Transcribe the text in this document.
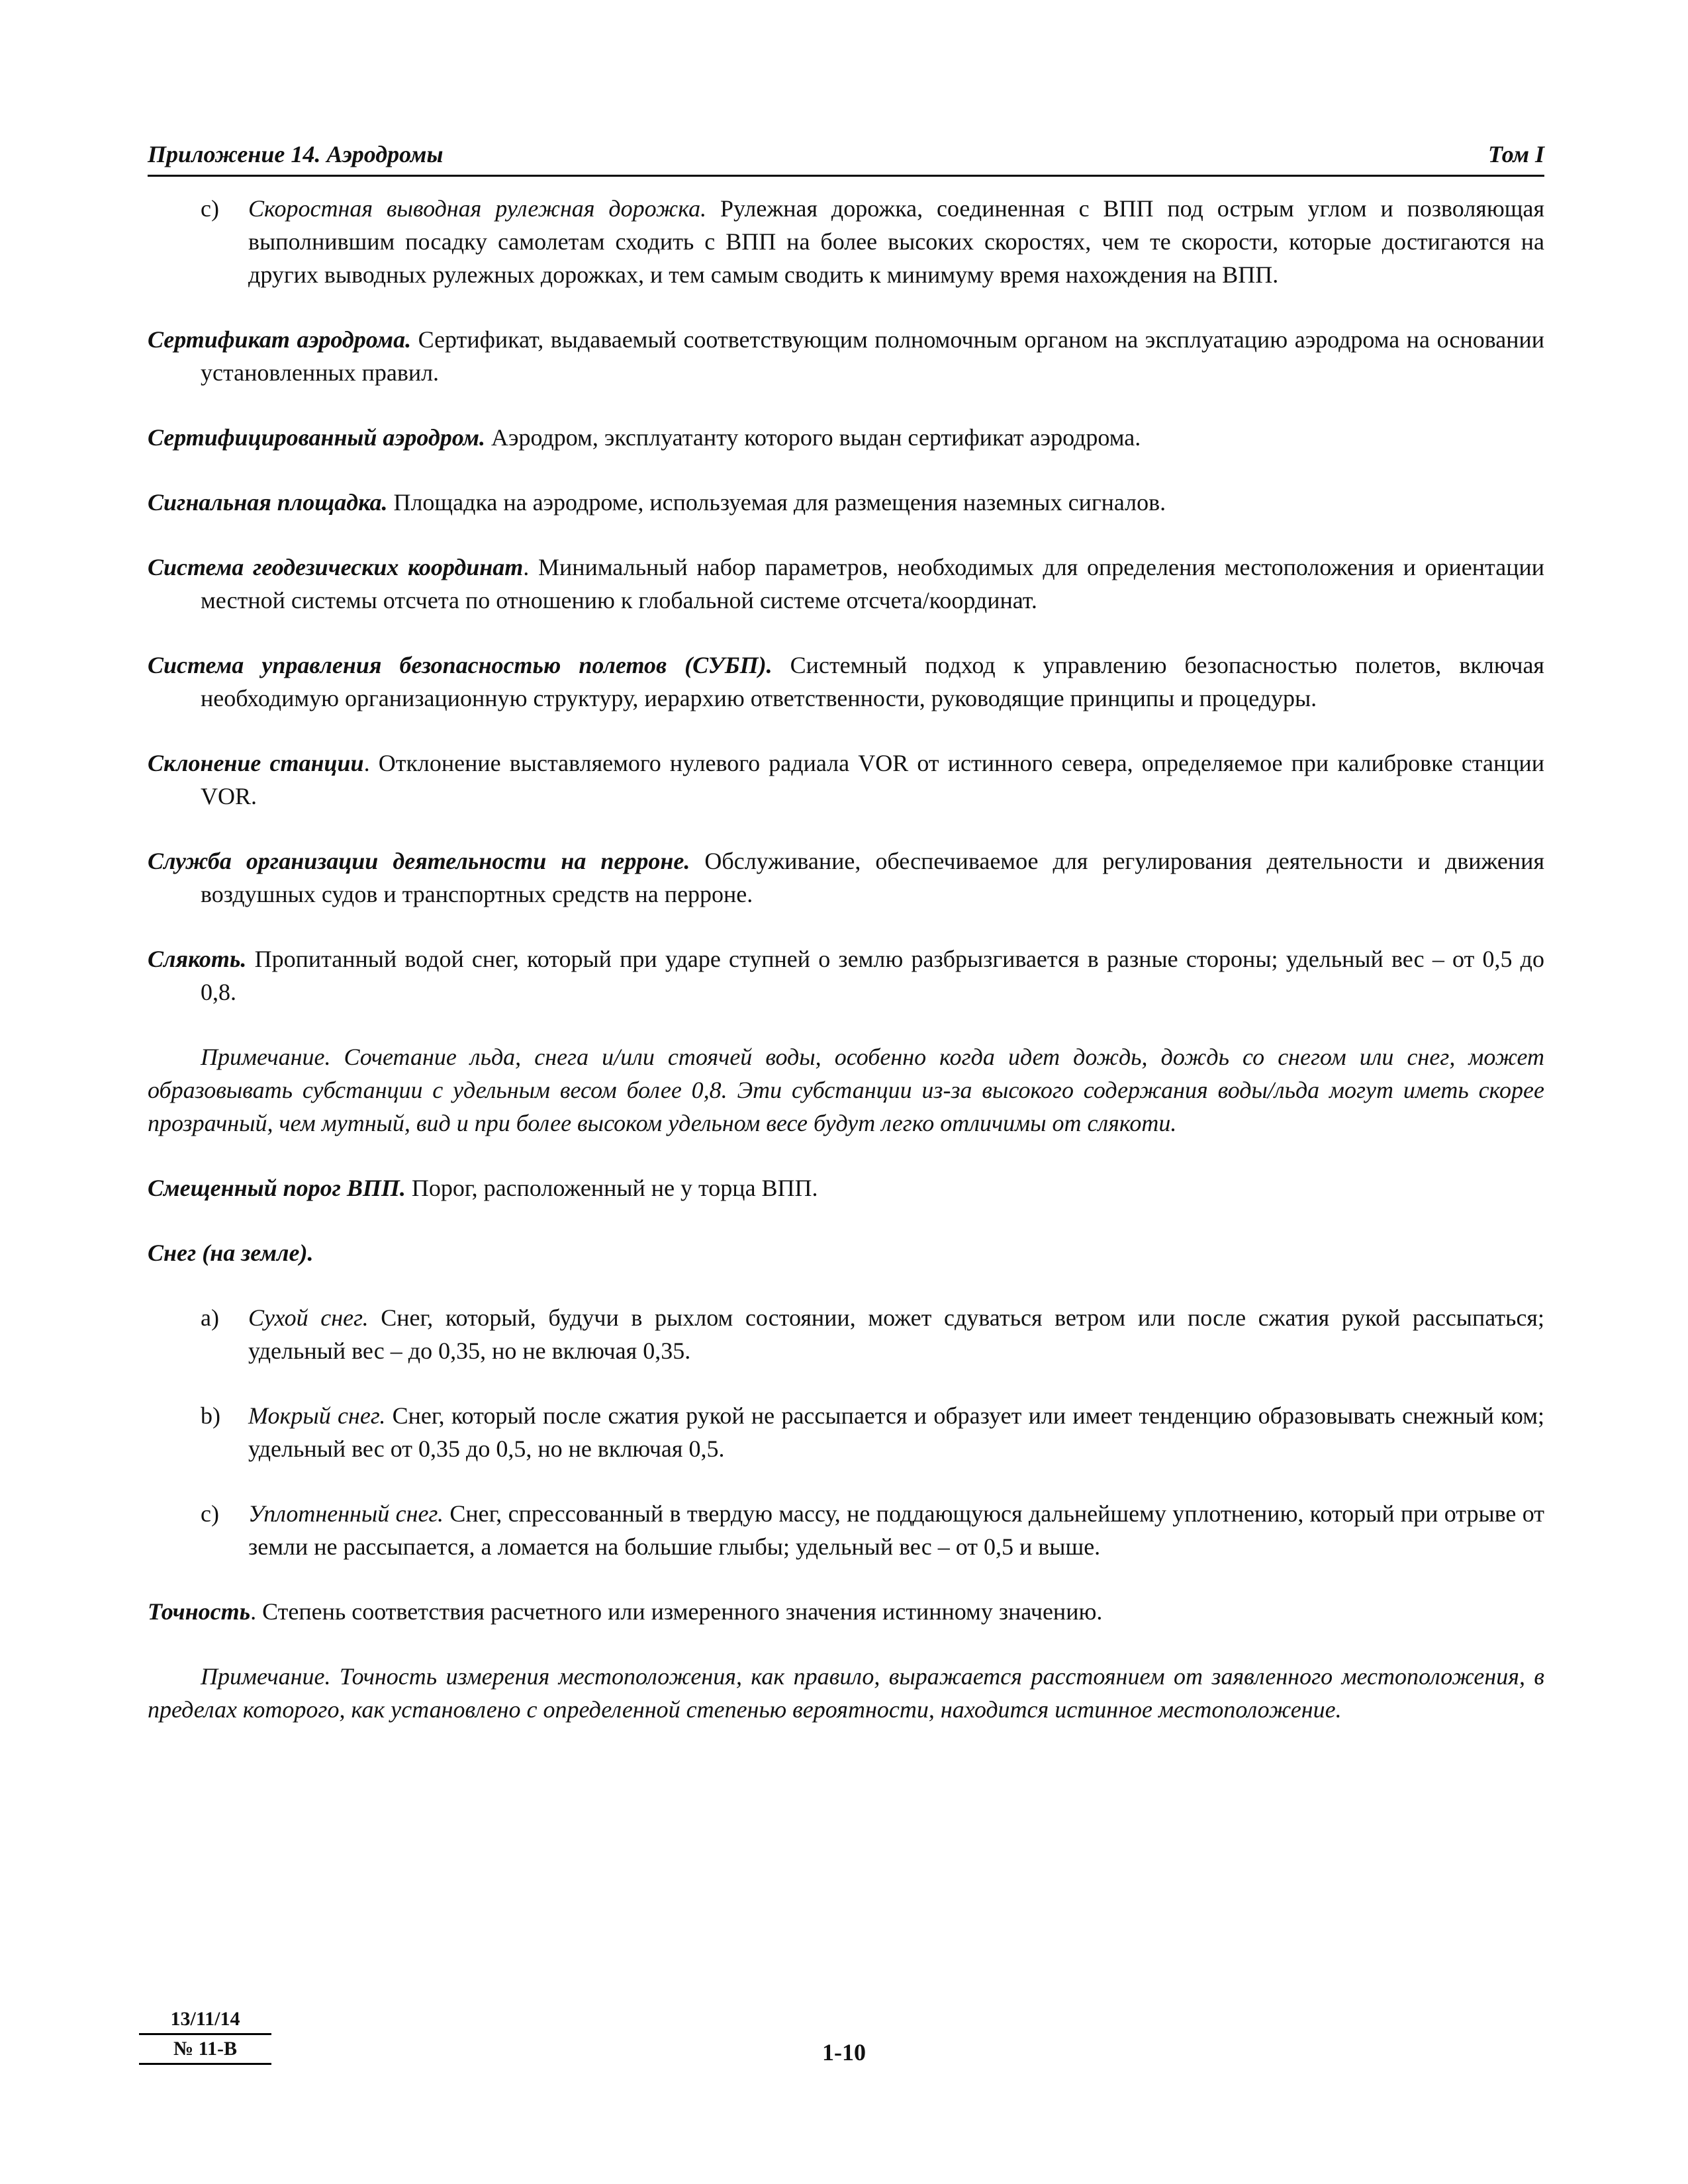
Приложение 14. Аэродромы	Том I
c) Скоростная выводная рулежная дорожка. Рулежная дорожка, соединенная с ВПП под острым углом и позволяющая выполнившим посадку самолетам сходить с ВПП на более высоких скоростях, чем те скорости, которые достигаются на других выводных рулежных дорожках, и тем самым сводить к минимуму время нахождения на ВПП.

Сертификат аэродрома. Сертификат, выдаваемый соответствующим полномочным органом на эксплуатацию аэродрома на основании установленных правил.

Сертифицированный аэродром. Аэродром, эксплуатанту которого выдан сертификат аэродрома.

Сигнальная площадка. Площадка на аэродроме, используемая для размещения наземных сигналов.

Система геодезических координат. Минимальный набор параметров, необходимых для определения местоположения и ориентации местной системы отсчета по отношению к глобальной системе отсчета/координат.

Система управления безопасностью полетов (СУБП). Системный подход к управлению безопасностью полетов, включая необходимую организационную структуру, иерархию ответственности, руководящие принципы и процедуры.

Склонение станции. Отклонение выставляемого нулевого радиала VOR от истинного севера, определяемое при калибровке станции VOR.

Служба организации деятельности на перроне. Обслуживание, обеспечиваемое для регулирования деятельности и движения воздушных судов и транспортных средств на перроне.

Слякоть. Пропитанный водой снег, который при ударе ступней о землю разбрызгивается в разные стороны; удельный вес – от 0,5 до 0,8.

Примечание. Сочетание льда, снега и/или стоячей воды, особенно когда идет дождь, дождь со снегом или снег, может образовывать субстанции с удельным весом более 0,8. Эти субстанции из-за высокого содержания воды/льда могут иметь скорее прозрачный, чем мутный, вид и при более высоком удельном весе будут легко отличимы от слякоти.

Смещенный порог ВПП. Порог, расположенный не у торца ВПП.

Снег (на земле).

a) Сухой снег. Снег, который, будучи в рыхлом состоянии, может сдуваться ветром или после сжатия рукой рассыпаться; удельный вес – до 0,35, но не включая 0,35.
b) Мокрый снег. Снег, который после сжатия рукой не рассыпается и образует или имеет тенденцию образовывать снежный ком; удельный вес от 0,35 до 0,5, но не включая 0,5.
c) Уплотненный снег. Снег, спрессованный в твердую массу, не поддающуюся дальнейшему уплотнению, который при отрыве от земли не рассыпается, а ломается на большие глыбы; удельный вес – от 0,5 и выше.

Точность. Степень соответствия расчетного или измеренного значения истинному значению.

Примечание. Точность измерения местоположения, как правило, выражается расстоянием от заявленного местоположения, в пределах которого, как установлено с определенной степенью вероятности, находится истинное местоположение.

13/11/14
№ 11-B	1-10
